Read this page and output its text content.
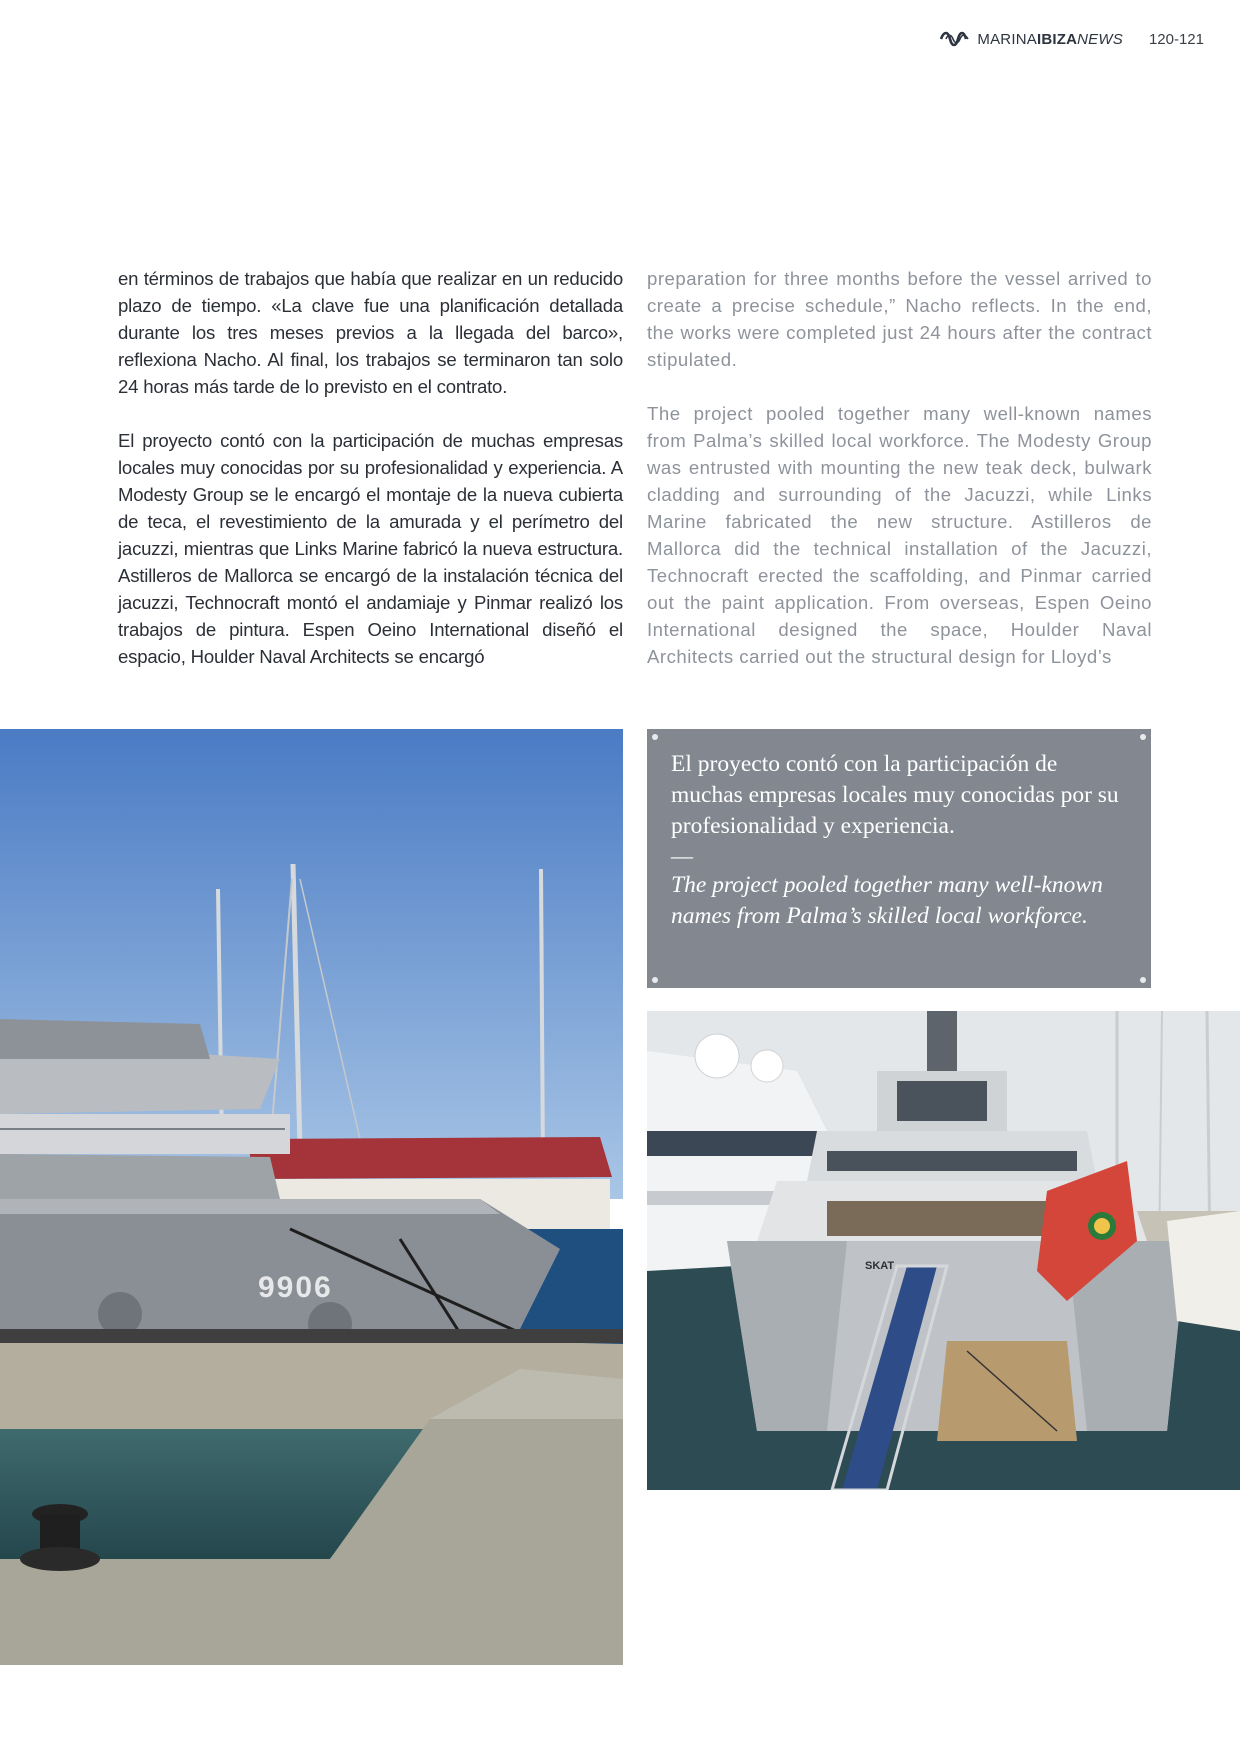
MARINA IBIZA NEWS 120-121

en términos de trabajos que había que realizar en un reducido plazo de tiempo. «La clave fue una planificación detallada durante los tres meses previos a la llegada del barco», reflexiona Nacho. Al final, los trabajos se terminaron tan solo 24 horas más tarde de lo previsto en el contrato.

El proyecto contó con la participación de muchas empresas locales muy conocidas por su profesionalidad y experiencia. A Modesty Group se le encargó el montaje de la nueva cubierta de teca, el revestimiento de la amurada y el perímetro del jacuzzi, mientras que Links Marine fabricó la nueva estructura. Astilleros de Mallorca se encargó de la instalación técnica del jacuzzi, Technocraft montó el andamiaje y Pinmar realizó los trabajos de pintura. Espen Oeino International diseñó el espacio, Houlder Naval Architects se encargó

preparation for three months before the vessel arrived to create a precise schedule,” Nacho reflects. In the end, the works were completed just 24 hours after the contract stipulated.

The project pooled together many well-known names from Palma’s skilled local workforce. The Modesty Group was entrusted with mounting the new teak deck, bulwark cladding and surrounding of the Jacuzzi, while Links Marine fabricated the new structure. Astilleros de Mallorca did the technical installation of the Jacuzzi, Technocraft erected the scaffolding, and Pinmar carried out the paint application. From overseas, Espen Oeino International designed the space, Houlder Naval Architects carried out the structural design for Lloyd’s

9906

El proyecto contó con la participación de muchas empresas locales muy conocidas por su profesionalidad y experiencia.

—

The project pooled together many well-known names from Palma’s skilled local workforce.

SKAT
